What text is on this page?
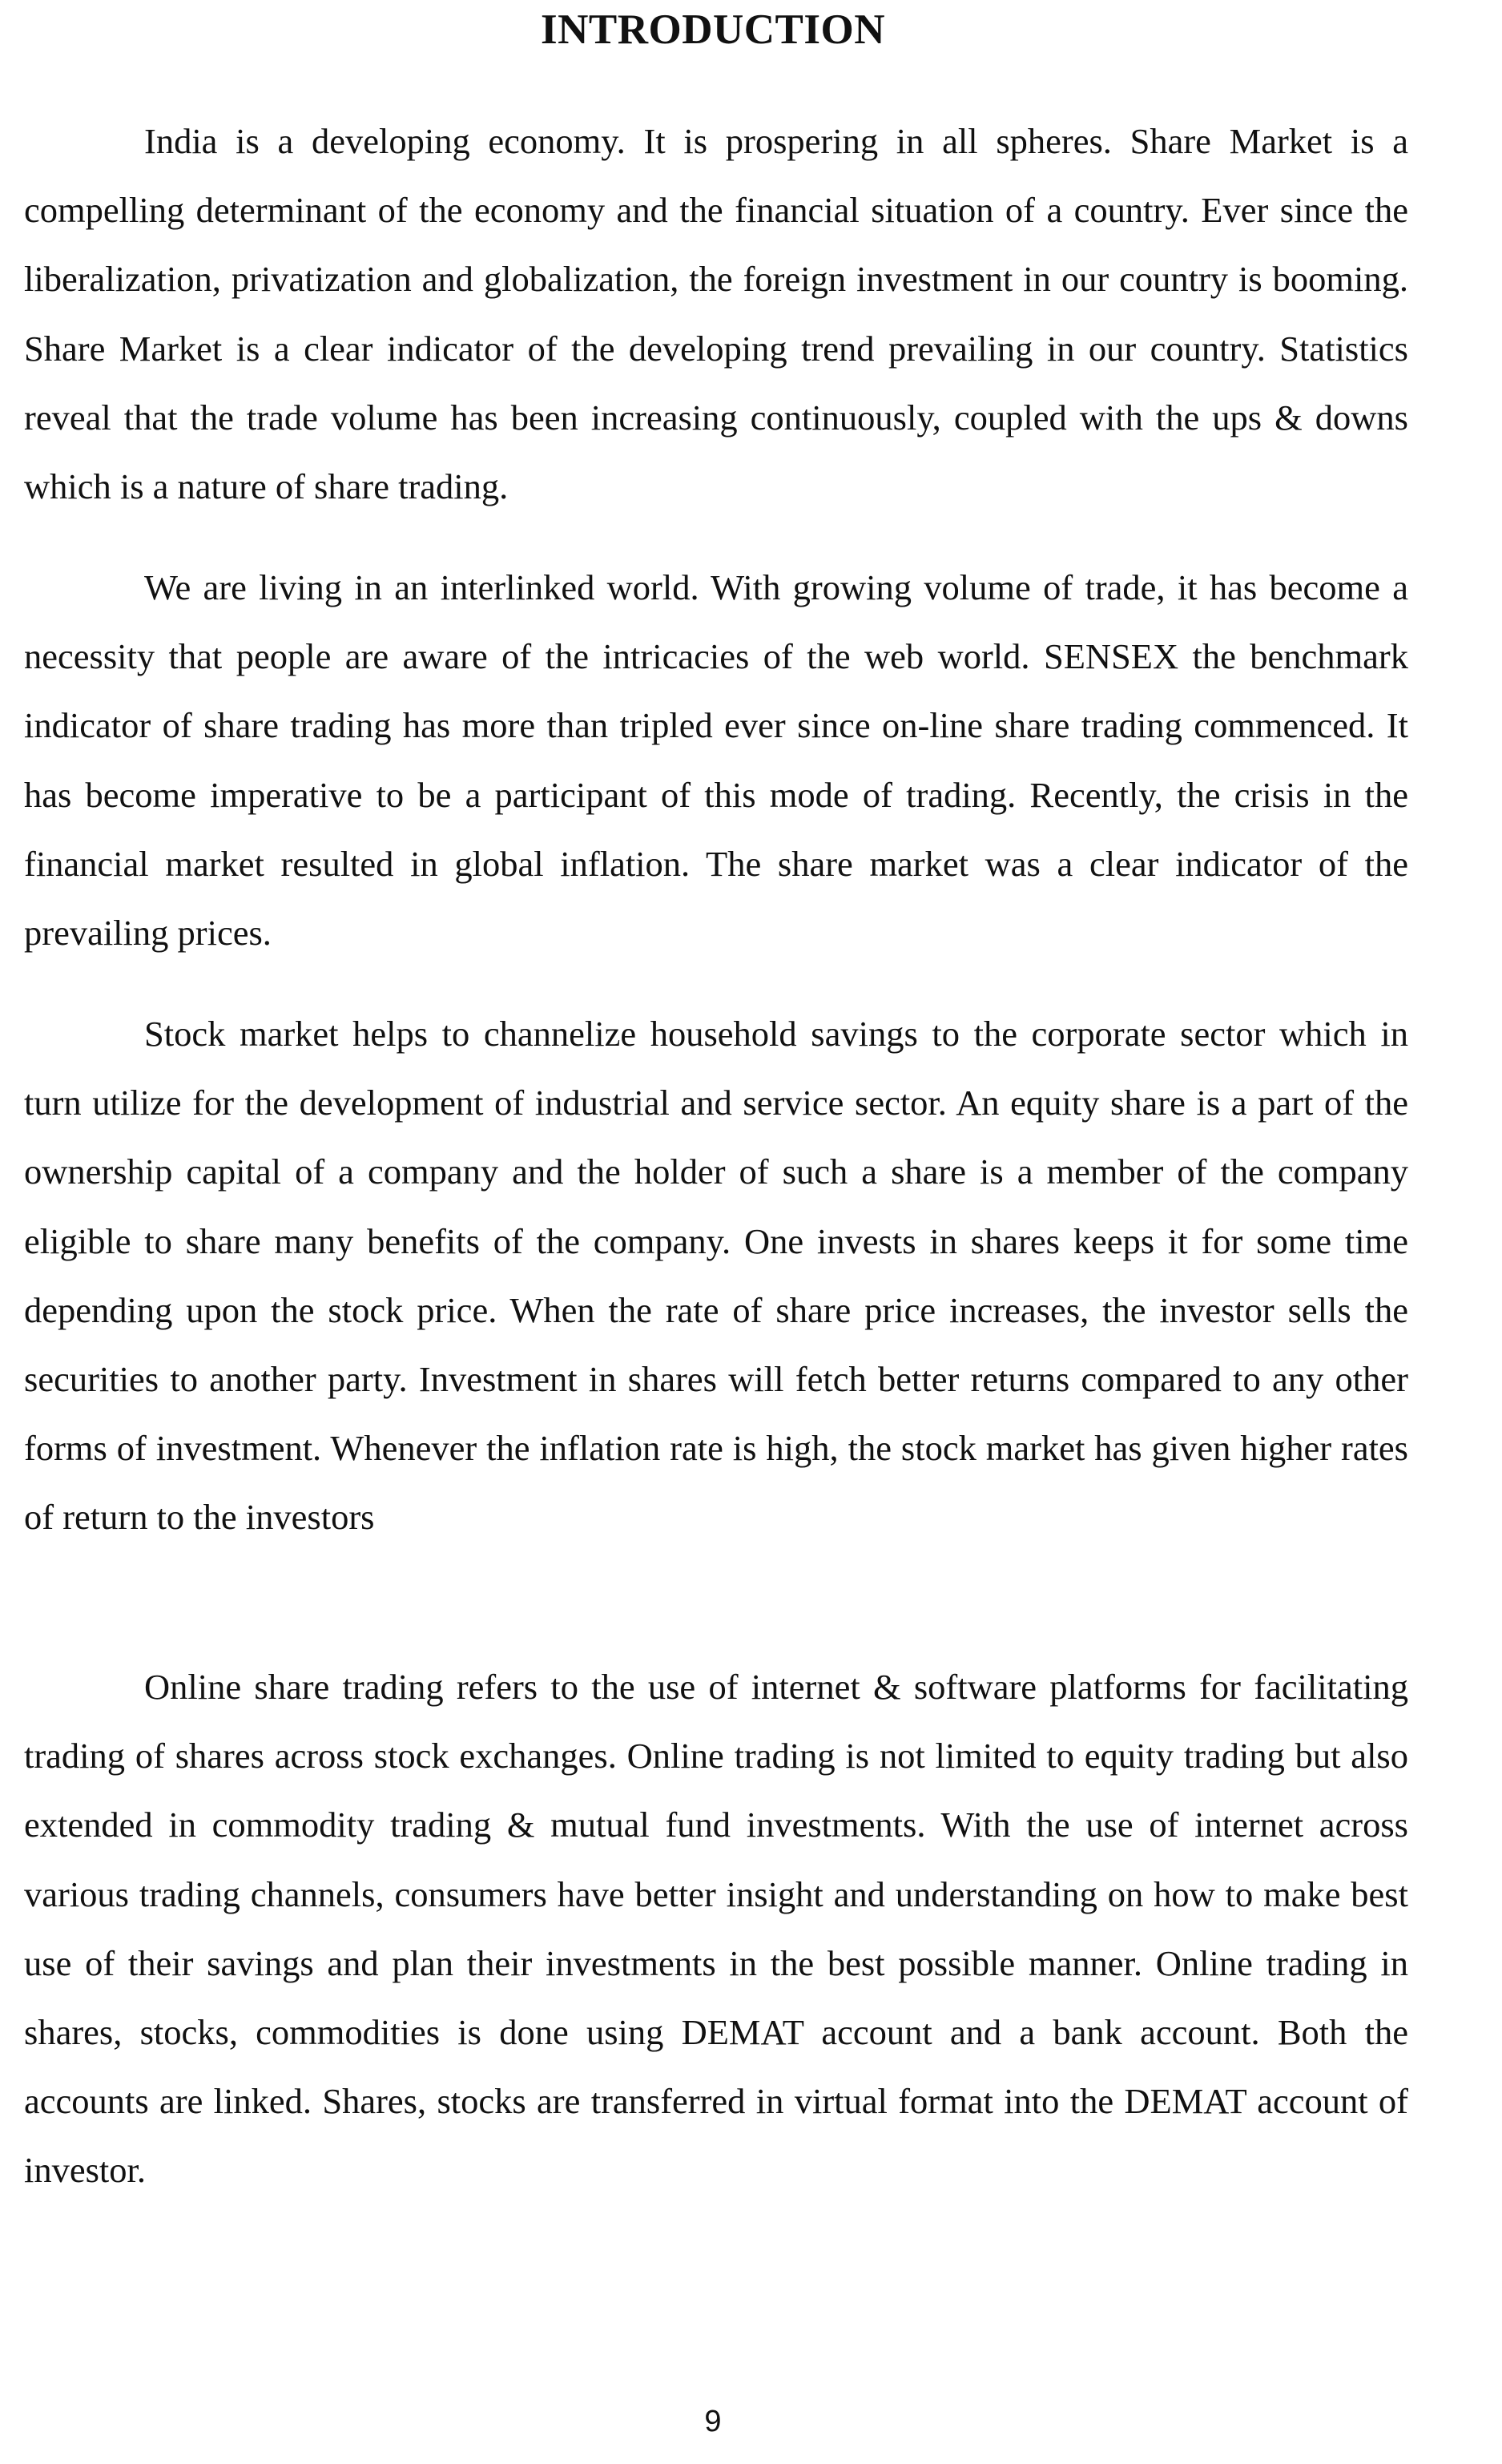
INTRODUCTION

India is a developing economy. It is prospering in all spheres. Share Market is a compelling determinant of the economy and the financial situation of a country. Ever since the liberalization, privatization and globalization, the foreign investment in our country is booming. Share Market is a clear indicator of the developing trend prevailing in our country. Statistics reveal that the trade volume has been increasing continuously, coupled with the ups & downs which is a nature of share trading.

We are living in an interlinked world. With growing volume of trade, it has become a necessity that people are aware of the intricacies of the web world. SENSEX the benchmark indicator of share trading has more than tripled ever since on-line share trading commenced. It has become imperative to be a participant of this mode of trading. Recently, the crisis in the financial market resulted in global inflation. The share market was a clear indicator of the prevailing prices.

Stock market helps to channelize household savings to the corporate sector which in turn utilize for the development of industrial and service sector. An equity share is a part of the ownership capital of a company and the holder of such a share is a member of the company eligible to share many benefits of the company. One invests in shares keeps it for some time depending upon the stock price. When the rate of share price increases, the investor sells the securities to another party. Investment in shares will fetch better returns compared to any other forms of investment. Whenever the inflation rate is high, the stock market has given higher rates of return to the investors

Online share trading refers to the use of internet & software platforms for facilitating trading of shares across stock exchanges. Online trading is not limited to equity trading but also extended in commodity trading & mutual fund investments. With the use of internet across various trading channels, consumers have better insight and understanding on how to make best use of their savings and plan their investments in the best possible manner. Online trading in shares, stocks, commodities is done using DEMAT account and a bank account. Both the accounts are linked. Shares, stocks are transferred in virtual format into the DEMAT account of investor.

9
